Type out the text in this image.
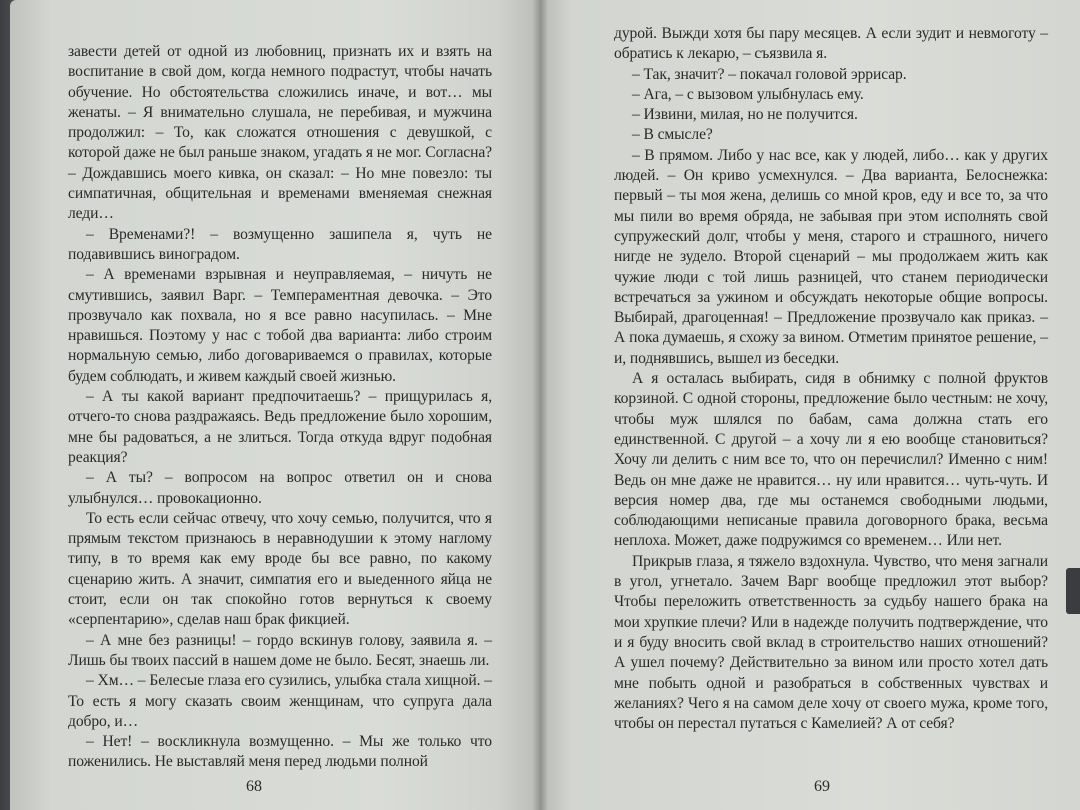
завести детей от одной из любовниц, признать их и взять на воспитание в свой дом, когда немного подрастут, чтобы начать обучение. Но обстоятельства сложились иначе, и вот… мы женаты. – Я внимательно слушала, не перебивая, и мужчина продолжил: – То, как сложатся отношения с девушкой, с которой даже не был раньше знаком, угадать я не мог. Согласна? – Дождавшись моего кивка, он сказал: – Но мне повезло: ты симпатичная, общительная и временами вменяемая снежная леди…

– Временами?! – возмущенно зашипела я, чуть не подавившись виноградом.

– А временами взрывная и неуправляемая, – ничуть не смутившись, заявил Варг. – Темпераментная девочка. – Это прозвучало как похвала, но я все равно насупилась. – Мне нравишься. Поэтому у нас с тобой два варианта: либо строим нормальную семью, либо договариваемся о правилах, которые будем соблюдать, и живем каждый своей жизнью.

– А ты какой вариант предпочитаешь? – прищурилась я, отчего-то снова раздражаясь. Ведь предложение было хорошим, мне бы радоваться, а не злиться. Тогда откуда вдруг подобная реакция?

– А ты? – вопросом на вопрос ответил он и снова улыбнулся… провокационно.

То есть если сейчас отвечу, что хочу семью, получится, что я прямым текстом признаюсь в неравнодушии к этому наглому типу, в то время как ему вроде бы все равно, по какому сценарию жить. А значит, симпатия его и выеденного яйца не стоит, если он так спокойно готов вернуться к своему «серпентарию», сделав наш брак фикцией.

– А мне без разницы! – гордо вскинув голову, заявила я. – Лишь бы твоих пассий в нашем доме не было. Бесят, знаешь ли.

– Хм… – Белесые глаза его сузились, улыбка стала хищной. – То есть я могу сказать своим женщинам, что супруга дала добро, и…

– Нет! – воскликнула возмущенно. – Мы же только что поженились. Не выставляй меня перед людьми полной

68

дурой. Выжди хотя бы пару месяцев. А если зудит и невмоготу – обратись к лекарю, – съязвила я.

– Так, значит? – покачал головой эррисар.

– Ага, – с вызовом улыбнулась ему.

– Извини, милая, но не получится.

– В смысле?

– В прямом. Либо у нас все, как у людей, либо… как у других людей. – Он криво усмехнулся. – Два варианта, Белоснежка: первый – ты моя жена, делишь со мной кров, еду и все то, за что мы пили во время обряда, не забывая при этом исполнять свой супружеский долг, чтобы у меня, старого и страшного, ничего нигде не зудело. Второй сценарий – мы продолжаем жить как чужие люди с той лишь разницей, что станем периодически встречаться за ужином и обсуждать некоторые общие вопросы. Выбирай, драгоценная! – Предложение прозвучало как приказ. – А пока думаешь, я схожу за вином. Отметим принятое решение, – и, поднявшись, вышел из беседки.

А я осталась выбирать, сидя в обнимку с полной фруктов корзиной. С одной стороны, предложение было честным: не хочу, чтобы муж шлялся по бабам, сама должна стать его единственной. С другой – а хочу ли я ею вообще становиться? Хочу ли делить с ним все то, что он перечислил? Именно с ним! Ведь он мне даже не нравится… ну или нравится… чуть-чуть. И версия номер два, где мы останемся свободными людьми, соблюдающими неписаные правила договорного брака, весьма неплоха. Может, даже подружимся со временем… Или нет.

Прикрыв глаза, я тяжело вздохнула. Чувство, что меня загнали в угол, угнетало. Зачем Варг вообще предложил этот выбор? Чтобы переложить ответственность за судьбу нашего брака на мои хрупкие плечи? Или в надежде получить подтверждение, что и я буду вносить свой вклад в строительство наших отношений? А ушел почему? Действительно за вином или просто хотел дать мне побыть одной и разобраться в собственных чувствах и желаниях? Чего я на самом деле хочу от своего мужа, кроме того, чтобы он перестал путаться с Камелией? А от себя?

69
